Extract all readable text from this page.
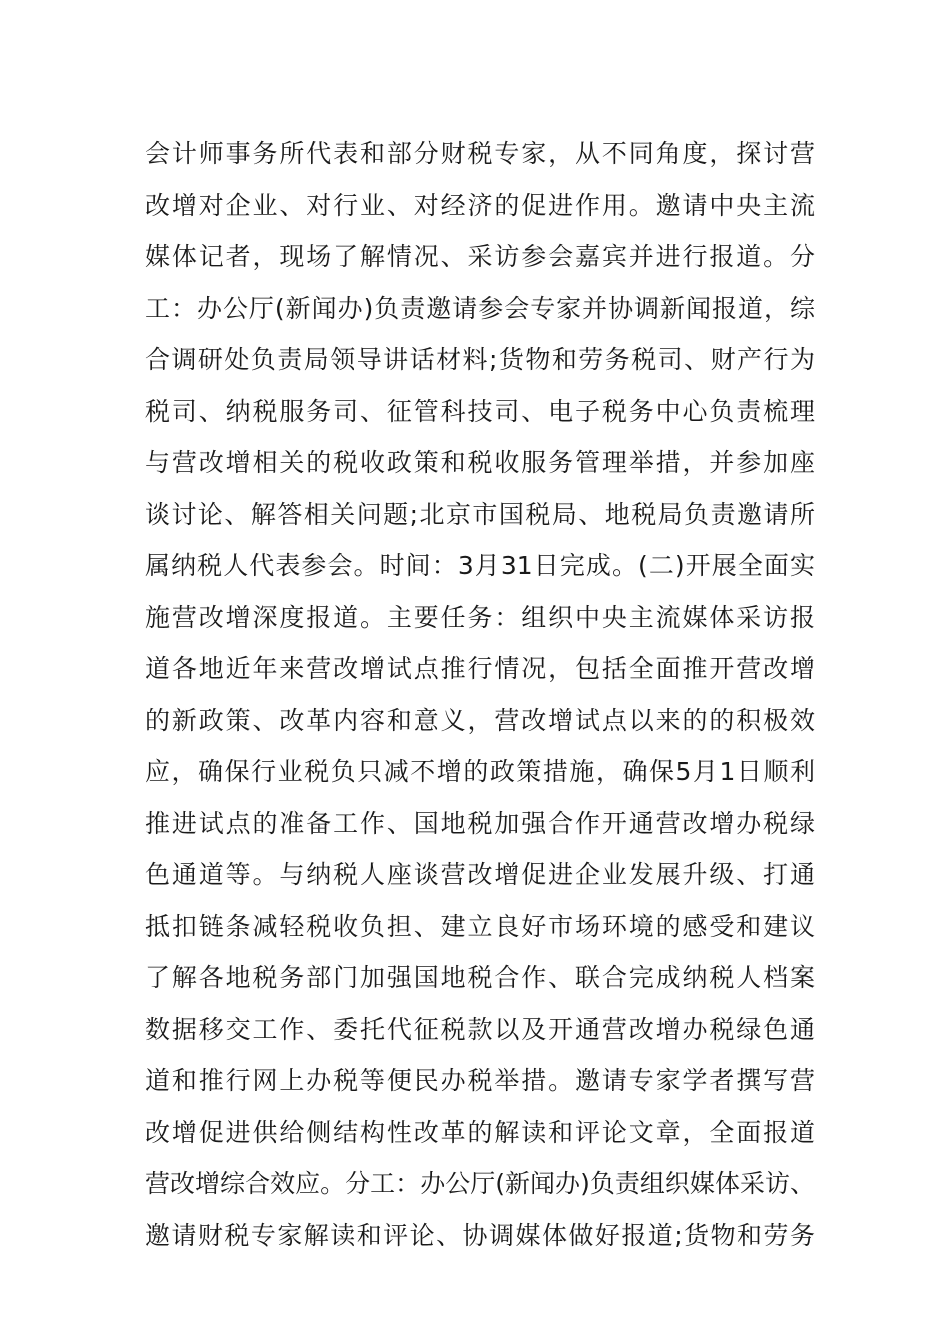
会计师事务所代表和部分财税专家，从不同角度，探讨营
改增对企业、对行业、对经济的促进作用。邀请中央主流
媒体记者，现场了解情况、采访参会嘉宾并进行报道。分
工：办公厅(新闻办)负责邀请参会专家并协调新闻报道，综
合调研处负责局领导讲话材料;货物和劳务税司、财产行为
税司、纳税服务司、征管科技司、电子税务中心负责梳理
与营改增相关的税收政策和税收服务管理举措，并参加座
谈讨论、解答相关问题;北京市国税局、地税局负责邀请所
属纳税人代表参会。时间：3月31日完成。(二)开展全面实
施营改增深度报道。主要任务：组织中央主流媒体采访报
道各地近年来营改增试点推行情况，包括全面推开营改增
的新政策、改革内容和意义，营改增试点以来的的积极效
应，确保行业税负只减不增的政策措施，确保5月1日顺利
推进试点的准备工作、国地税加强合作开通营改增办税绿
色通道等。与纳税人座谈营改增促进企业发展升级、打通
抵扣链条减轻税收负担、建立良好市场环境的感受和建议
了解各地税务部门加强国地税合作、联合完成纳税人档案
数据移交工作、委托代征税款以及开通营改增办税绿色通
道和推行网上办税等便民办税举措。邀请专家学者撰写营
改增促进供给侧结构性改革的解读和评论文章，全面报道
营改增综合效应。分工：办公厅(新闻办)负责组织媒体采访、
邀请财税专家解读和评论、协调媒体做好报道;货物和劳务
